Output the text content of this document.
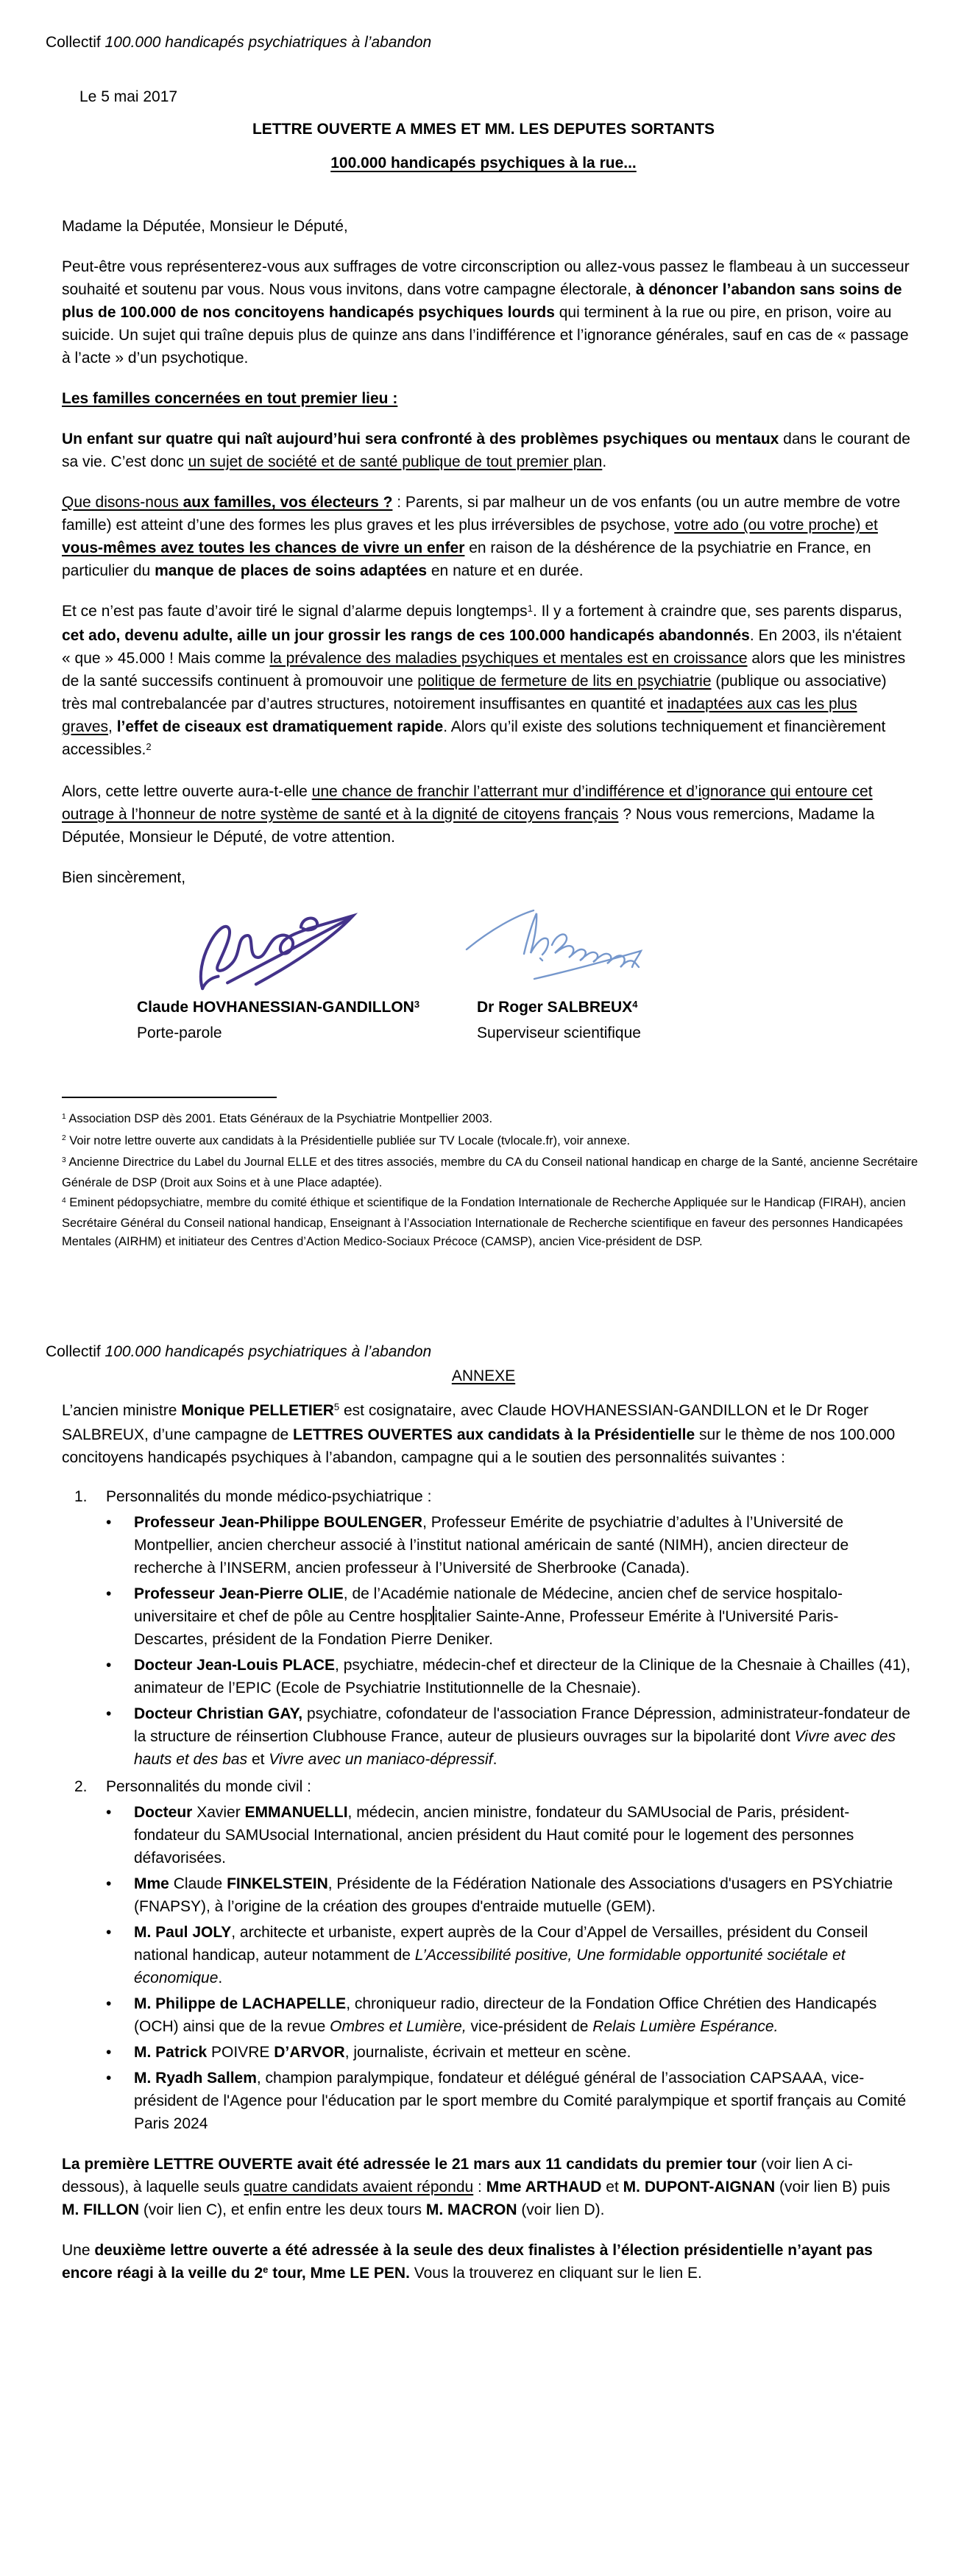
Collectif 100.000 handicapés psychiatriques à l’abandon
Le 5 mai 2017
LETTRE OUVERTE A MMES ET MM. LES DEPUTES SORTANTS
100.000 handicapés psychiques à la rue...
Madame la Députée, Monsieur le Député,
Peut-être vous représenterez-vous aux suffrages de votre circonscription ou allez-vous passez le flambeau à un successeur souhaité et soutenu par vous. Nous vous invitons, dans votre campagne électorale, à dénoncer l’abandon sans soins de plus de 100.000 de nos concitoyens handicapés psychiques lourds qui terminent à la rue ou pire, en prison, voire au suicide. Un sujet qui traîne depuis plus de quinze ans dans l’indifférence et l’ignorance générales, sauf en cas de « passage à l’acte » d’un psychotique.
Les familles concernées en tout premier lieu :
Un enfant sur quatre qui naît aujourd’hui sera confronté à des problèmes psychiques ou mentaux dans le courant de sa vie. C’est donc un sujet de société et de santé publique de tout premier plan.
Que disons-nous aux familles, vos électeurs ? : Parents, si par malheur un de vos enfants (ou un autre membre de votre famille) est atteint d’une des formes les plus graves et les plus irréversibles de psychose, votre ado (ou votre proche) et vous-mêmes avez toutes les chances de vivre un enfer en raison de la déshérence de la psychiatrie en France, en particulier du manque de places de soins adaptées en nature et en durée.
Et ce n’est pas faute d’avoir tiré le signal d’alarme depuis longtemps$^1$. Il y a fortement à craindre que, ses parents disparus, cet ado, devenu adulte, aille un jour grossir les rangs de ces 100.000 handicapés abandonnés. En 2003, ils n'étaient « que » 45.000 ! Mais comme la prévalence des maladies psychiques et mentales est en croissance alors que les ministres de la santé successifs continuent à promouvoir une politique de fermeture de lits en psychiatrie (publique ou associative) très mal contrebalancée par d’autres structures, notoirement insuffisantes en quantité et inadaptées aux cas les plus graves, l’effet de ciseaux est dramatiquement rapide. Alors qu’il existe des solutions techniquement et financièrement accessibles.$^2$
Alors, cette lettre ouverte aura-t-elle une chance de franchir l’atterrant mur d’indifférence et d’ignorance qui entoure cet outrage à l’honneur de notre système de santé et à la dignité de citoyens français ? Nous vous remercions, Madame la Députée, Monsieur le Député, de votre attention.
Bien sincèrement,
Claude HOVHANESSIAN-GANDILLON$^3$
Porte-parole
Dr Roger SALBREUX$^4$
Superviseur scientifique
$^1$ Association DSP dès 2001. Etats Généraux de la Psychiatrie Montpellier 2003.
$^2$ Voir notre lettre ouverte aux candidats à la Présidentielle publiée sur TV Locale (tvlocale.fr), voir annexe.
$^3$ Ancienne Directrice du Label du Journal ELLE et des titres associés, membre du CA du Conseil national handicap en charge de la Santé, ancienne Secrétaire Générale de DSP (Droit aux Soins et à une Place adaptée).
$^4$ Eminent pédopsychiatre, membre du comité éthique et scientifique de la Fondation Internationale de Recherche Appliquée sur le Handicap (FIRAH), ancien Secrétaire Général du Conseil national handicap, Enseignant à l’Association Internationale de Recherche scientifique en faveur des personnes Handicapées Mentales (AIRHM) et initiateur des Centres d’Action Medico-Sociaux Précoce (CAMSP), ancien Vice-président de DSP.
Collectif 100.000 handicapés psychiatriques à l’abandon
ANNEXE
L’ancien ministre Monique PELLETIER$^5$ est cosignataire, avec Claude HOVHANESSIAN-GANDILLON et le Dr Roger SALBREUX, d’une campagne de LETTRES OUVERTES aux candidats à la Présidentielle sur le thème de nos 100.000 concitoyens handicapés psychiques à l’abandon, campagne qui a le soutien des personnalités suivantes :
1.	Personnalités du monde médico-psychiatrique :
•	Professeur Jean-Philippe BOULENGER, Professeur Emérite de psychiatrie d’adultes à l’Université de Montpellier, ancien chercheur associé à l’institut national américain de santé (NIMH), ancien directeur de recherche à l’INSERM, ancien professeur à l’Université de Sherbrooke (Canada).
•	Professeur Jean-Pierre OLIE, de l’Académie nationale de Médecine, ancien chef de service hospitalo-universitaire et chef de pôle au Centre hospitalier Sainte-Anne, Professeur Emérite à l'Université Paris-Descartes, président de la Fondation Pierre Deniker.
•	Docteur Jean-Louis PLACE, psychiatre, médecin-chef et directeur de la Clinique de la Chesnaie à Chailles (41), animateur de l’EPIC (Ecole de Psychiatrie Institutionnelle de la Chesnaie).
•	Docteur Christian GAY, psychiatre, cofondateur de l'association France Dépression, administrateur-fondateur de la structure de réinsertion Clubhouse France, auteur de plusieurs ouvrages sur la bipolarité dont Vivre avec des hauts et des bas et Vivre avec un maniaco-dépressif.
2.	Personnalités du monde civil :
•	Docteur Xavier EMMANUELLI, médecin, ancien ministre, fondateur du SAMUsocial de Paris, président-fondateur du SAMUsocial International, ancien président du Haut comité pour le logement des personnes défavorisées.
•	Mme Claude FINKELSTEIN, Présidente de la Fédération Nationale des Associations d'usagers en PSYchiatrie (FNAPSY), à l’origine de la création des groupes d'entraide mutuelle (GEM).
•	M. Paul JOLY, architecte et urbaniste, expert auprès de la Cour d’Appel de Versailles, président du Conseil national handicap, auteur notamment de L’Accessibilité positive, Une formidable opportunité sociétale et économique.
•	M. Philippe de LACHAPELLE, chroniqueur radio, directeur de la Fondation Office Chrétien des Handicapés (OCH) ainsi que de la revue Ombres et Lumière, vice-président de Relais Lumière Espérance.
•	M. Patrick POIVRE D’ARVOR, journaliste, écrivain et metteur en scène.
•	M. Ryadh Sallem, champion paralympique, fondateur et délégué général de l’association CAPSAAA, vice-président de l'Agence pour l'éducation par le sport membre du Comité paralympique et sportif français au Comité Paris 2024
La première LETTRE OUVERTE avait été adressée le 21 mars aux 11 candidats du premier tour (voir lien A ci-dessous), à laquelle seuls quatre candidats avaient répondu : Mme ARTHAUD et M. DUPONT-AIGNAN (voir lien B) puis M. FILLON (voir lien C), et enfin entre les deux tours M. MACRON (voir lien D).
Une deuxième lettre ouverte a été adressée à la seule des deux finalistes à l’élection présidentielle n’ayant pas encore réagi à la veille du 2e tour, Mme LE PEN. Vous la trouverez en cliquant sur le lien E.
